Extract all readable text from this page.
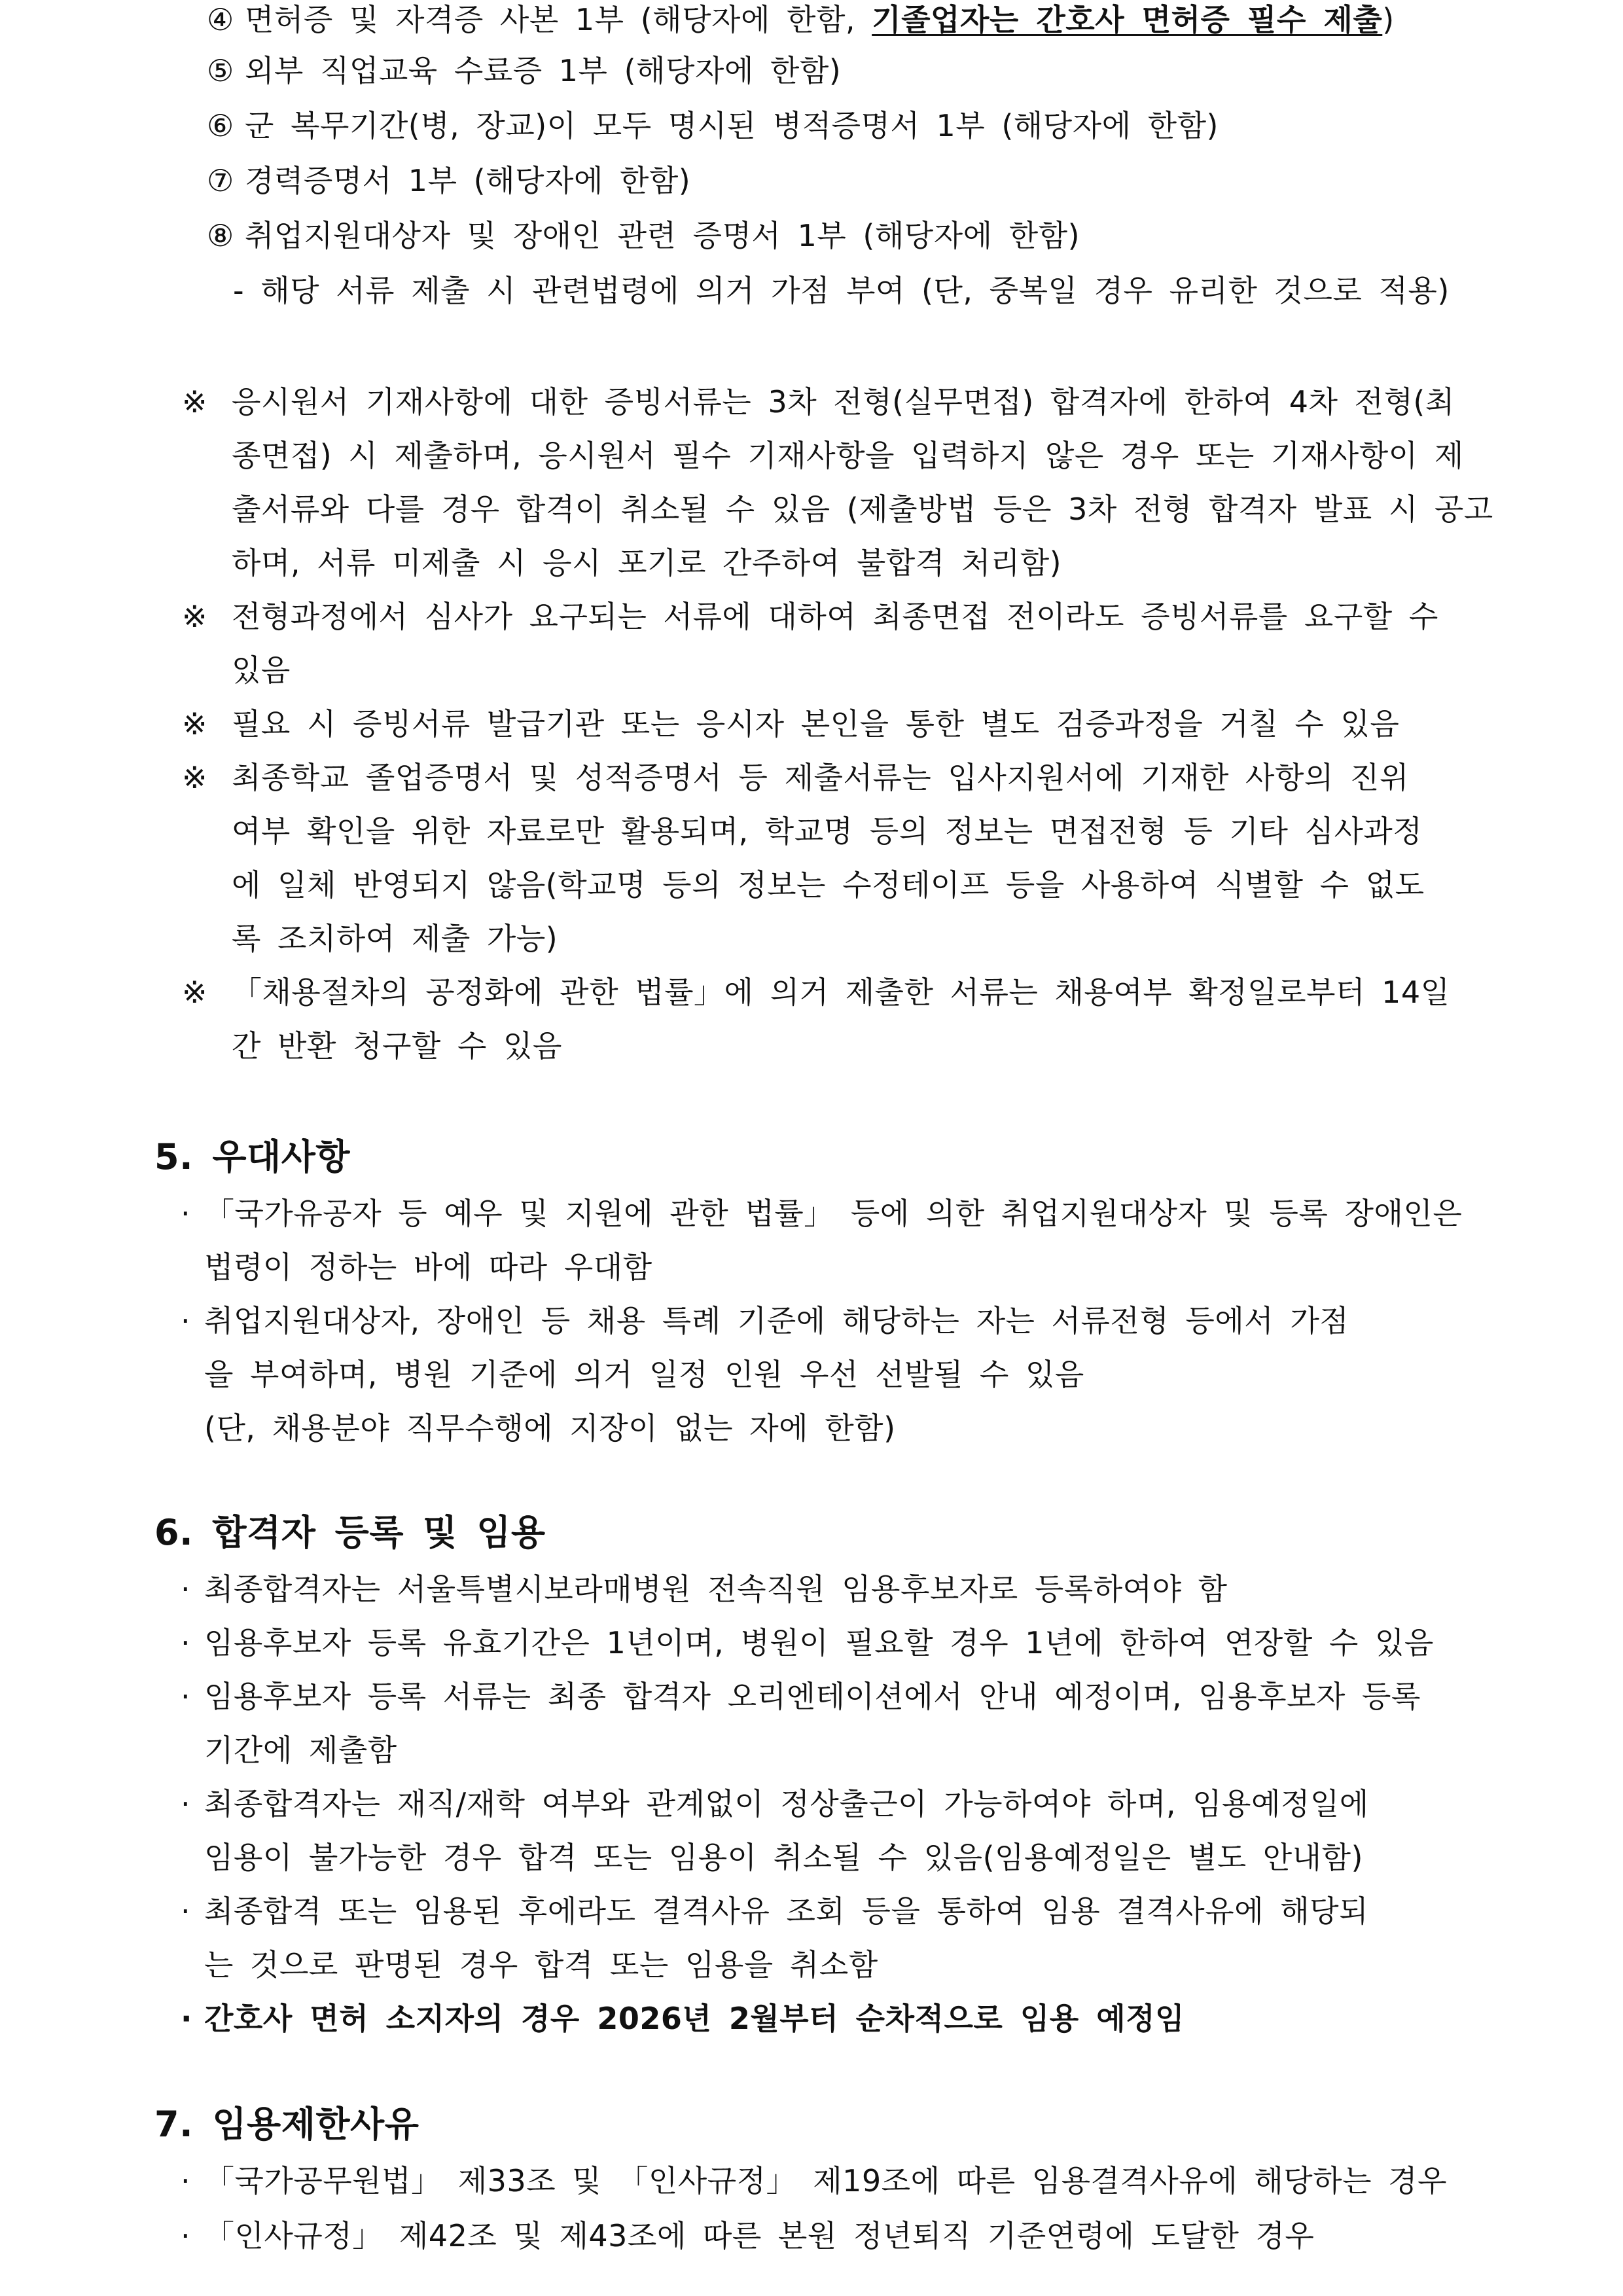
④ 면허증 및 자격증 사본 1부 (해당자에 한함, 기졸업자는 간호사 면허증 필수 제출)
⑤ 외부 직업교육 수료증 1부 (해당자에 한함)
⑥ 군 복무기간(병, 장교)이 모두 명시된 병적증명서 1부 (해당자에 한함)
⑦ 경력증명서 1부 (해당자에 한함)
⑧ 취업지원대상자 및 장애인 관련 증명서 1부 (해당자에 한함)
- 해당 서류 제출 시 관련법령에 의거 가점 부여 (단, 중복일 경우 유리한 것으로 적용)
※ 응시원서 기재사항에 대한 증빙서류는 3차 전형(실무면접) 합격자에 한하여 4차 전형(최
종면접) 시 제출하며, 응시원서 필수 기재사항을 입력하지 않은 경우 또는 기재사항이 제
출서류와 다를 경우 합격이 취소될 수 있음 (제출방법 등은 3차 전형 합격자 발표 시 공고
하며, 서류 미제출 시 응시 포기로 간주하여 불합격 처리함)
※ 전형과정에서 심사가 요구되는 서류에 대하여 최종면접 전이라도 증빙서류를 요구할 수
있음
※ 필요 시 증빙서류 발급기관 또는 응시자 본인을 통한 별도 검증과정을 거칠 수 있음
※ 최종학교 졸업증명서 및 성적증명서 등 제출서류는 입사지원서에 기재한 사항의 진위
여부 확인을 위한 자료로만 활용되며, 학교명 등의 정보는 면접전형 등 기타 심사과정
에 일체 반영되지 않음(학교명 등의 정보는 수정테이프 등을 사용하여 식별할 수 없도
록 조치하여 제출 가능)
※ 「채용절차의 공정화에 관한 법률」에 의거 제출한 서류는 채용여부 확정일로부터 14일
간 반환 청구할 수 있음
5. 우대사항
· 「국가유공자 등 예우 및 지원에 관한 법률」 등에 의한 취업지원대상자 및 등록 장애인은
법령이 정하는 바에 따라 우대함
· 취업지원대상자, 장애인 등 채용 특례 기준에 해당하는 자는 서류전형 등에서 가점
을 부여하며, 병원 기준에 의거 일정 인원 우선 선발될 수 있음
(단, 채용분야 직무수행에 지장이 없는 자에 한함)
6. 합격자 등록 및 임용
· 최종합격자는 서울특별시보라매병원 전속직원 임용후보자로 등록하여야 함
· 임용후보자 등록 유효기간은 1년이며, 병원이 필요할 경우 1년에 한하여 연장할 수 있음
· 임용후보자 등록 서류는 최종 합격자 오리엔테이션에서 안내 예정이며, 임용후보자 등록
기간에 제출함
· 최종합격자는 재직/재학 여부와 관계없이 정상출근이 가능하여야 하며, 임용예정일에
임용이 불가능한 경우 합격 또는 임용이 취소될 수 있음(임용예정일은 별도 안내함)
· 최종합격 또는 임용된 후에라도 결격사유 조회 등을 통하여 임용 결격사유에 해당되
는 것으로 판명된 경우 합격 또는 임용을 취소함
· 간호사 면허 소지자의 경우 2026년 2월부터 순차적으로 임용 예정임
7. 임용제한사유
· 「국가공무원법」 제33조 및 「인사규정」 제19조에 따른 임용결격사유에 해당하는 경우
· 「인사규정」 제42조 및 제43조에 따른 본원 정년퇴직 기준연령에 도달한 경우
